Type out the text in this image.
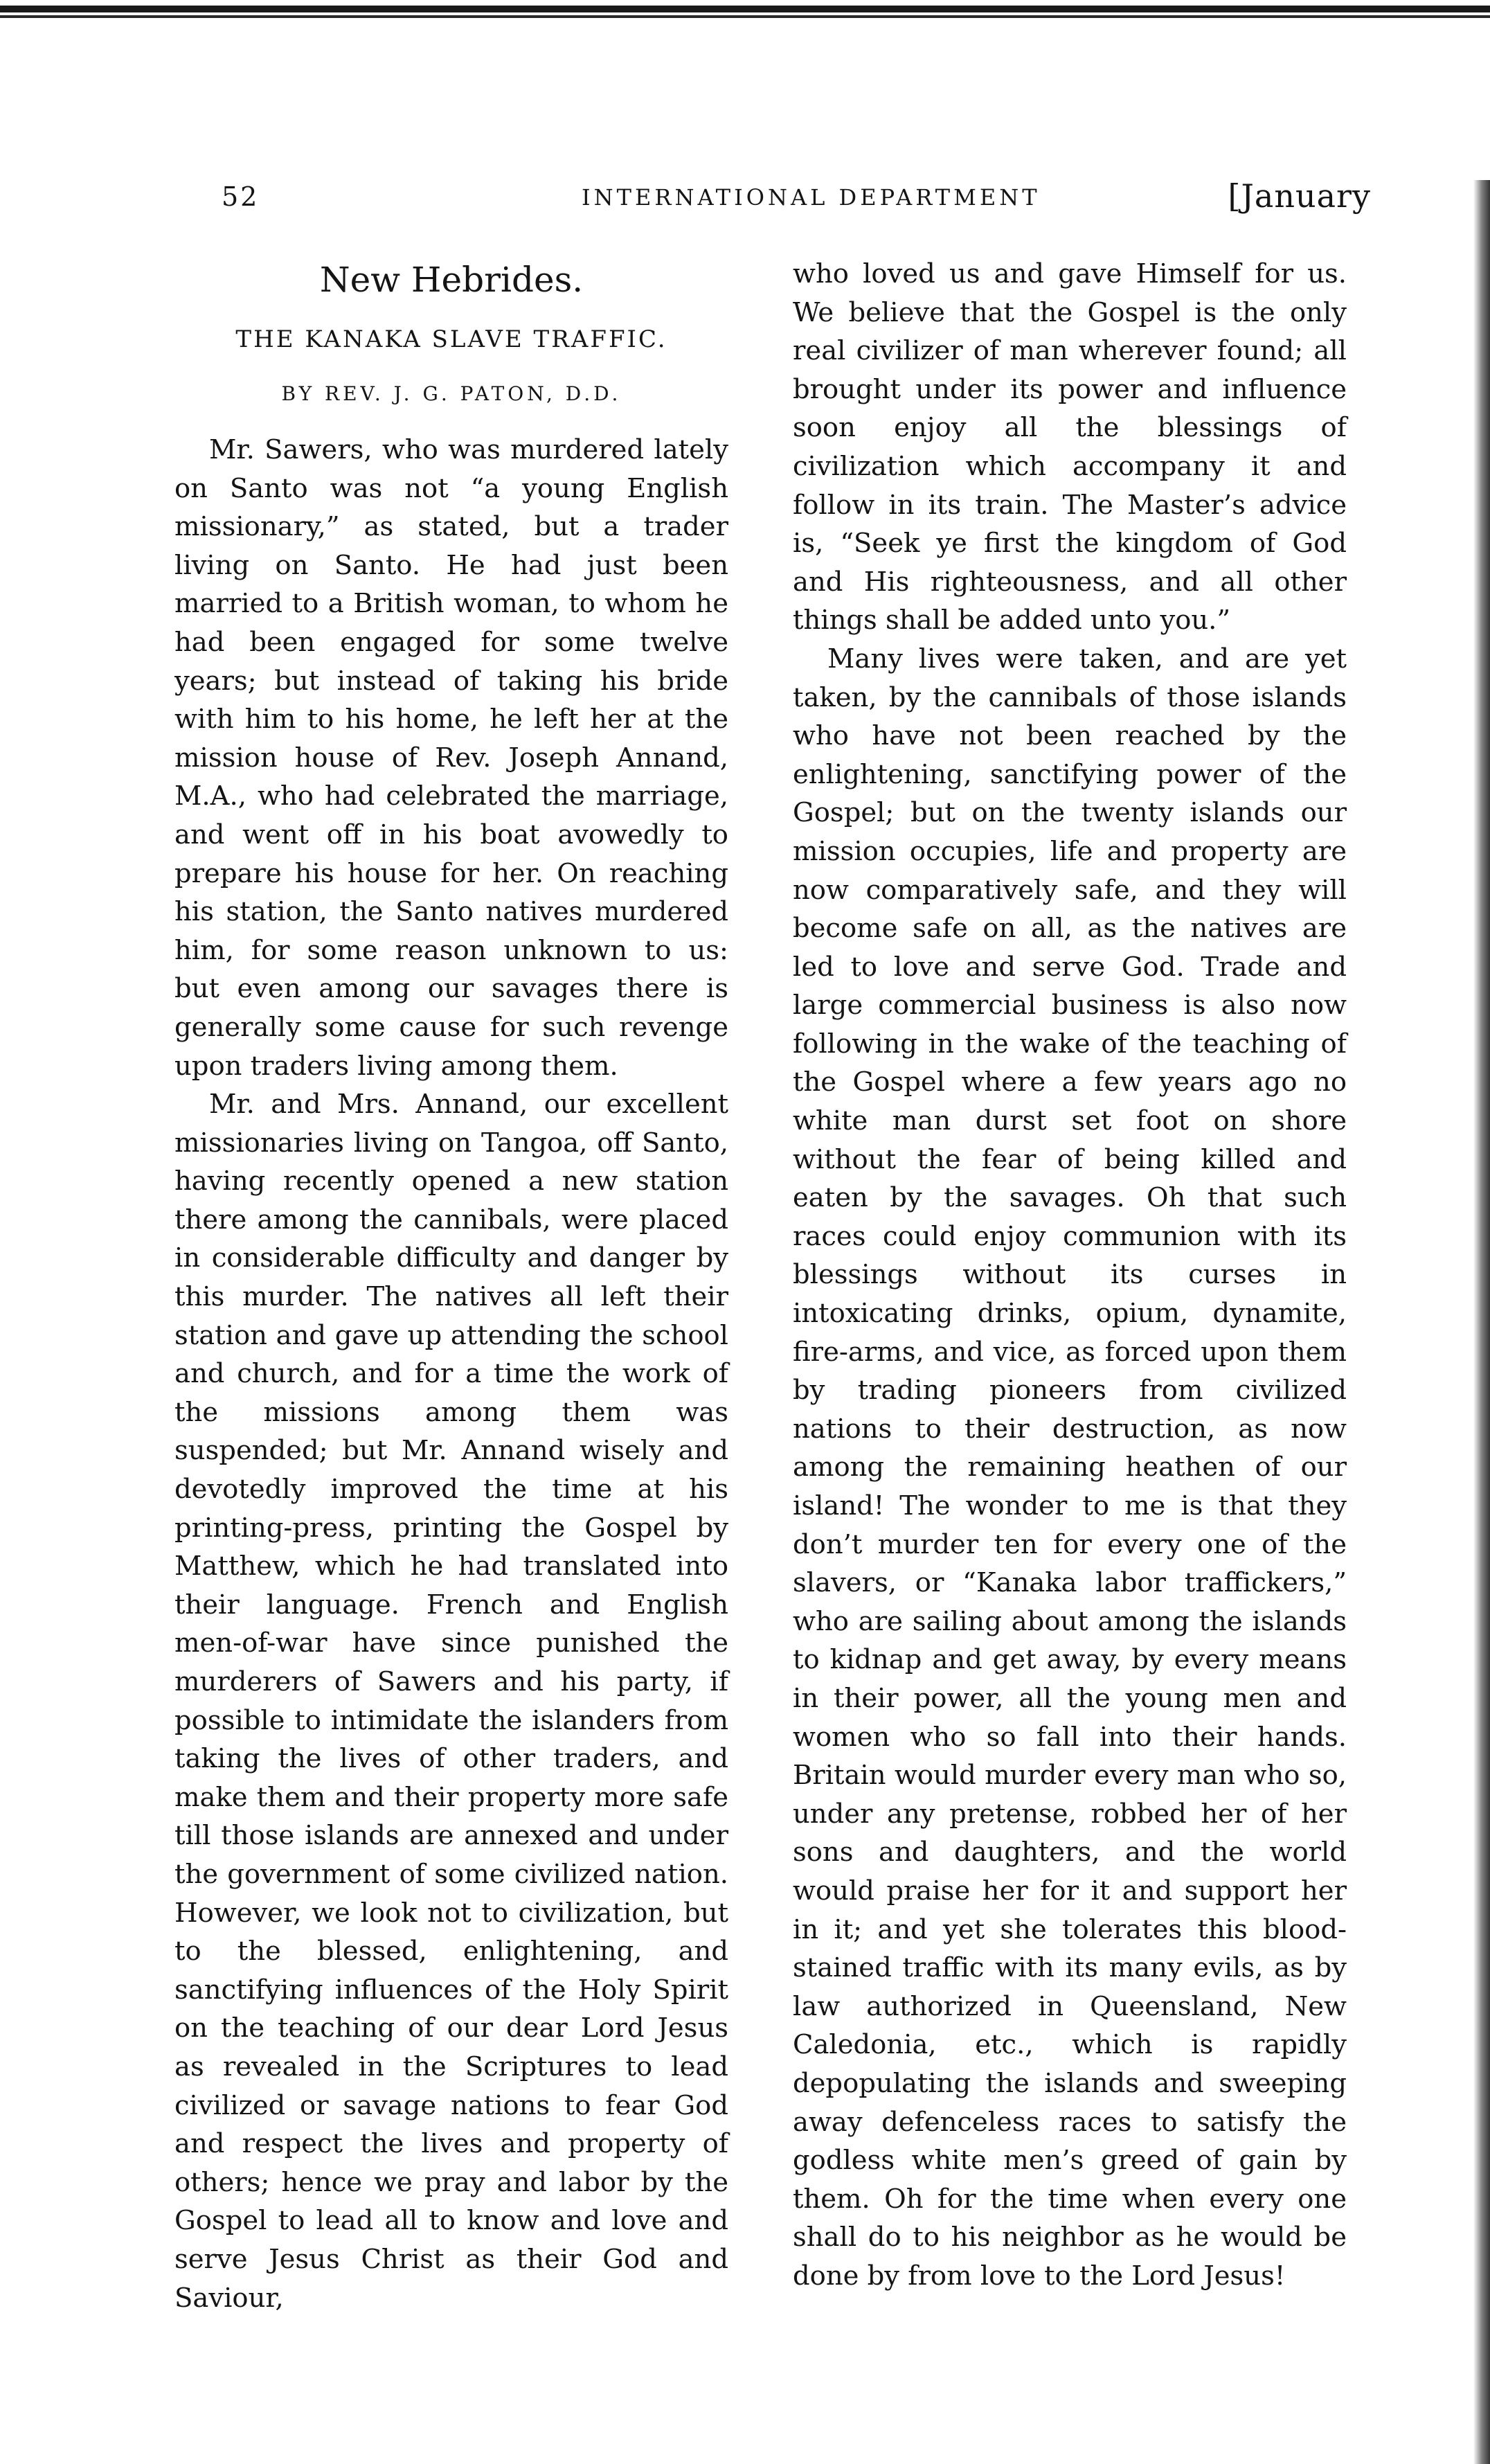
52	INTERNATIONAL DEPARTMENT	[January
New Hebrides.
THE KANAKA SLAVE TRAFFIC.
BY REV. J. G. PATON, D.D.

Mr. Sawers, who was murdered lately on Santo was not “a young English missionary,” as stated, but a trader living on Santo. He had just been married to a British woman, to whom he had been engaged for some twelve years; but instead of taking his bride with him to his home, he left her at the mission house of Rev. Joseph Annand, M.A., who had celebrated the marriage, and went off in his boat avowedly to prepare his house for her. On reaching his station, the Santo natives murdered him, for some reason unknown to us: but even among our savages there is generally some cause for such revenge upon traders living among them.

Mr. and Mrs. Annand, our excellent missionaries living on Tangoa, off Santo, having recently opened a new station there among the cannibals, were placed in considerable difficulty and danger by this murder. The natives all left their station and gave up attending the school and church, and for a time the work of the missions among them was suspended; but Mr. Annand wisely and devotedly improved the time at his printing-press, printing the Gospel by Matthew, which he had translated into their language. French and English men-of-war have since punished the murderers of Sawers and his party, if possible to intimidate the islanders from taking the lives of other traders, and make them and their property more safe till those islands are annexed and under the government of some civilized nation. However, we look not to civilization, but to the blessed, enlightening, and sanctifying influences of the Holy Spirit on the teaching of our dear Lord Jesus as revealed in the Scriptures to lead civilized or savage nations to fear God and respect the lives and property of others; hence we pray and labor by the Gospel to lead all to know and love and serve Jesus Christ as their God and Saviour,

who loved us and gave Himself for us. We believe that the Gospel is the only real civilizer of man wherever found; all brought under its power and influence soon enjoy all the blessings of civilization which accompany it and follow in its train. The Master’s advice is, “Seek ye first the kingdom of God and His righteousness, and all other things shall be added unto you.”

Many lives were taken, and are yet taken, by the cannibals of those islands who have not been reached by the enlightening, sanctifying power of the Gospel; but on the twenty islands our mission occupies, life and property are now comparatively safe, and they will become safe on all, as the natives are led to love and serve God. Trade and large commercial business is also now following in the wake of the teaching of the Gospel where a few years ago no white man durst set foot on shore without the fear of being killed and eaten by the savages. Oh that such races could enjoy communion with its blessings without its curses in intoxicating drinks, opium, dynamite, fire-arms, and vice, as forced upon them by trading pioneers from civilized nations to their destruction, as now among the remaining heathen of our island! The wonder to me is that they don’t murder ten for every one of the slavers, or “Kanaka labor traffickers,” who are sailing about among the islands to kidnap and get away, by every means in their power, all the young men and women who so fall into their hands. Britain would murder every man who so, under any pretense, robbed her of her sons and daughters, and the world would praise her for it and support her in it; and yet she tolerates this blood-stained traffic with its many evils, as by law authorized in Queensland, New Caledonia, etc., which is rapidly depopulating the islands and sweeping away defenceless races to satisfy the godless white men’s greed of gain by them. Oh for the time when every one shall do to his neighbor as he would be done by from love to the Lord Jesus!
